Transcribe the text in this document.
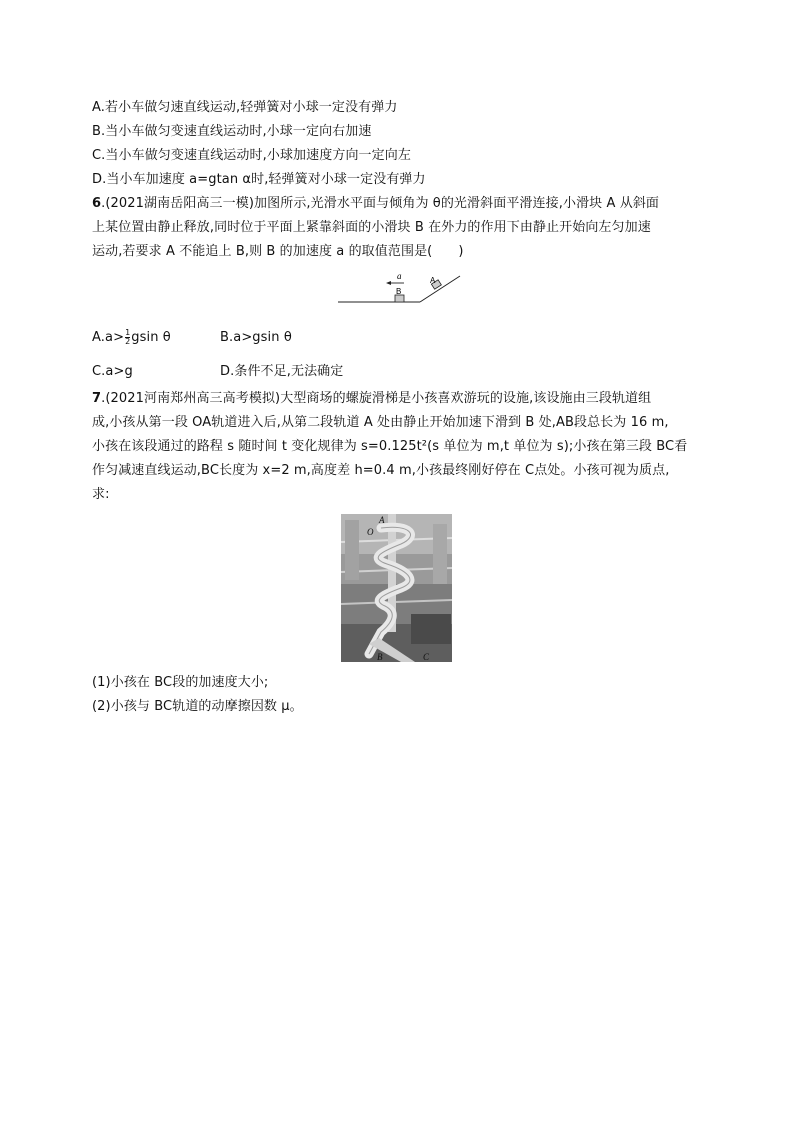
A.若小车做匀速直线运动,轻弹簧对小球一定没有弹力
B.当小车做匀变速直线运动时,小球一定向右加速
C.当小车做匀变速直线运动时,小球加速度方向一定向左
D.当小车加速度 a=gtan α时,轻弹簧对小球一定没有弹力
6.(2021湖南岳阳高三一模)加图所示,光滑水平面与倾角为 θ的光滑斜面平滑连接,小滑块 A 从斜面
上某位置由静止释放,同时位于平面上紧靠斜面的小滑块 B 在外力的作用下由静止开始向左匀加速
运动,若要求 A 不能追上 B,则 B 的加速度 a 的取值范围是( )
a	A
B
$A.a> \frac{1}{2}$ gsin θ	B.a>gsin θ
C.a>g	D.条件不足,无法确定
7.(2021河南郑州高三高考模拟)大型商场的螺旋滑梯是小孩喜欢游玩的设施,该设施由三段轨道组
成,小孩从第一段 OA轨道进入后,从第二段轨道 A 处由静止开始加速下滑到 B 处,AB段总长为 16 m,
小孩在该段通过的路程 s 随时间 t 变化规律为 s=0.125t²(s 单位为 m,t 单位为 s);小孩在第三段 BC看
作匀减速直线运动,BC长度为 x=2 m,高度差 h=0.4 m,小孩最终刚好停在 C点处。小孩可视为质点,
求:
A
O
B	C
(1)小孩在 BC段的加速度大小;
(2)小孩与 BC轨道的动摩擦因数 μ。
